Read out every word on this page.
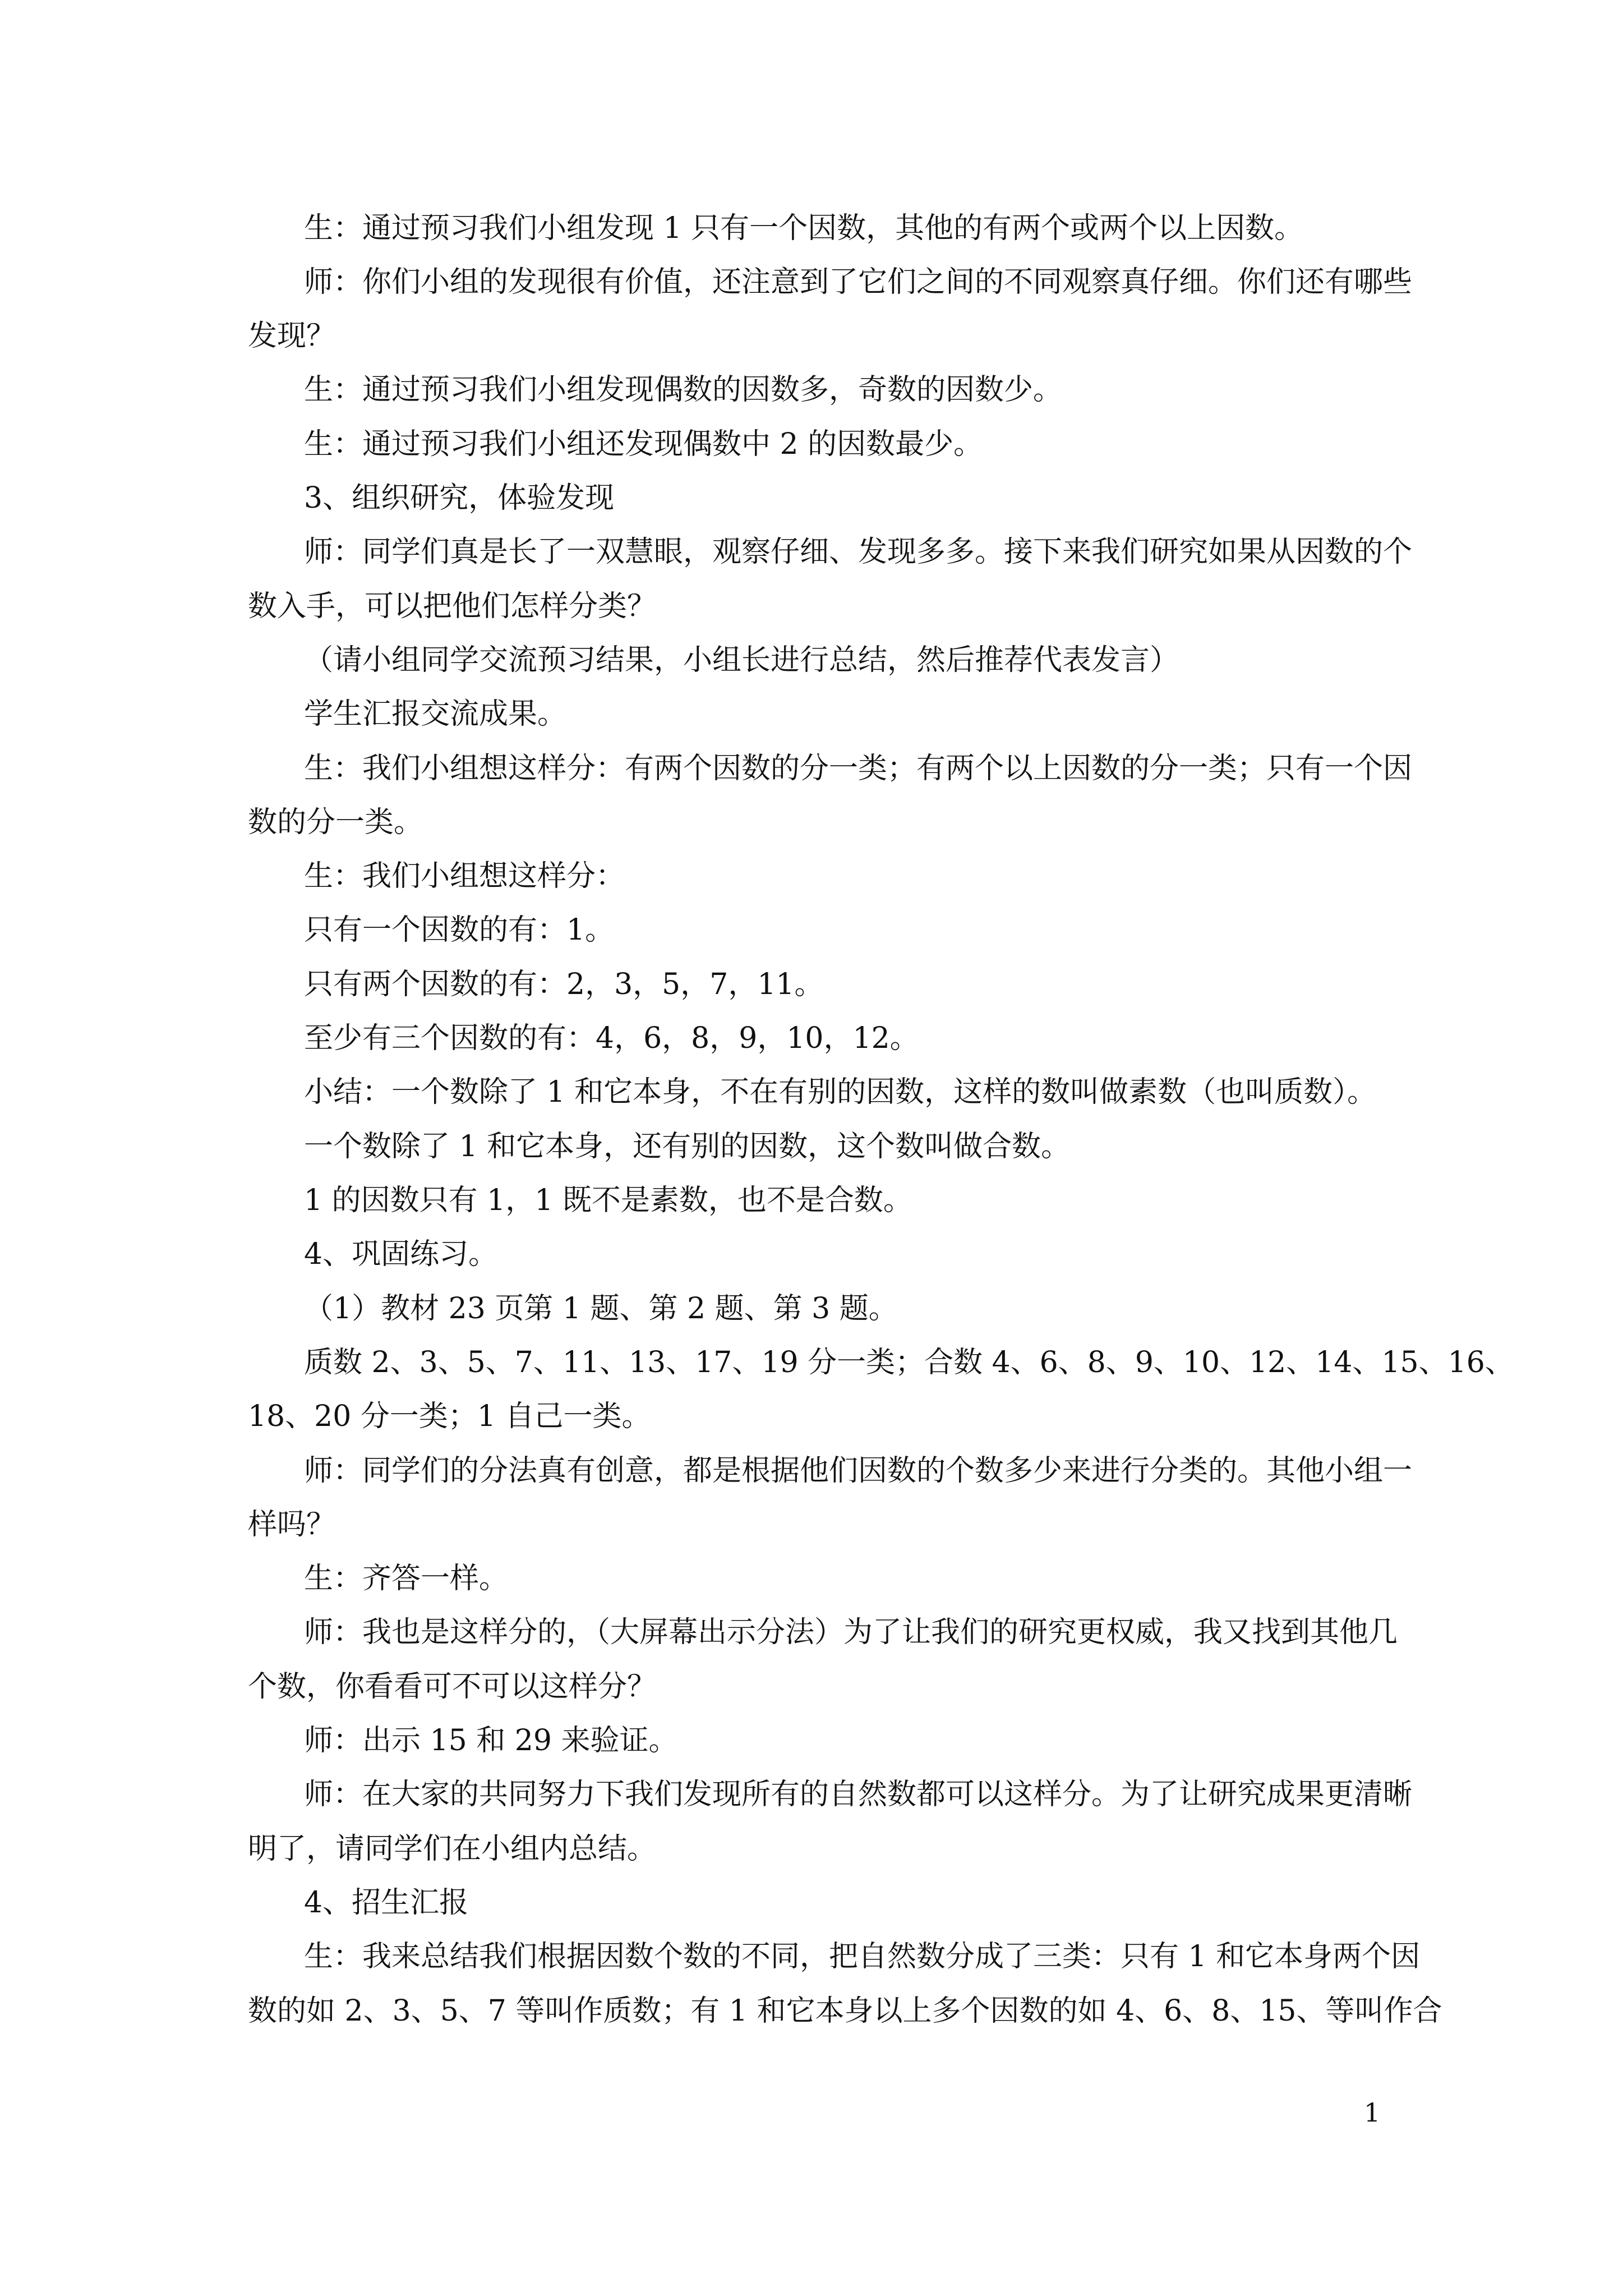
生：通过预习我们小组发现 1 只有一个因数，其他的有两个或两个以上因数。
师：你们小组的发现很有价值，还注意到了它们之间的不同观察真仔细。你们还有哪些
发现？
生：通过预习我们小组发现偶数的因数多，奇数的因数少。
生：通过预习我们小组还发现偶数中 2 的因数最少。
3、组织研究，体验发现
师：同学们真是长了一双慧眼，观察仔细、发现多多。接下来我们研究如果从因数的个
数入手，可以把他们怎样分类？
（请小组同学交流预习结果，小组长进行总结，然后推荐代表发言）
学生汇报交流成果。
生：我们小组想这样分：有两个因数的分一类；有两个以上因数的分一类；只有一个因
数的分一类。
生：我们小组想这样分：
只有一个因数的有：1。
只有两个因数的有：2，3，5，7，11。
至少有三个因数的有：4，6，8，9，10，12。
小结：一个数除了 1 和它本身，不在有别的因数，这样的数叫做素数（也叫质数）。
一个数除了 1 和它本身，还有别的因数，这个数叫做合数。
1 的因数只有 1，1 既不是素数，也不是合数。
4、巩固练习。
（1）教材 23 页第 1 题、第 2 题、第 3 题。
质数 2、3、5、7、11、13、17、19 分一类；合数 4、6、8、9、10、12、14、15、16、
18、20 分一类；1 自己一类。
师：同学们的分法真有创意，都是根据他们因数的个数多少来进行分类的。其他小组一
样吗？
生：齐答一样。
师：我也是这样分的，（大屏幕出示分法）为了让我们的研究更权威，我又找到其他几
个数，你看看可不可以这样分？
师：出示 15 和 29 来验证。
师：在大家的共同努力下我们发现所有的自然数都可以这样分。为了让研究成果更清晰
明了，请同学们在小组内总结。
4、招生汇报
生：我来总结我们根据因数个数的不同，把自然数分成了三类：只有 1 和它本身两个因
数的如 2、3、5、7 等叫作质数；有 1 和它本身以上多个因数的如 4、6、8、15、等叫作合
1
